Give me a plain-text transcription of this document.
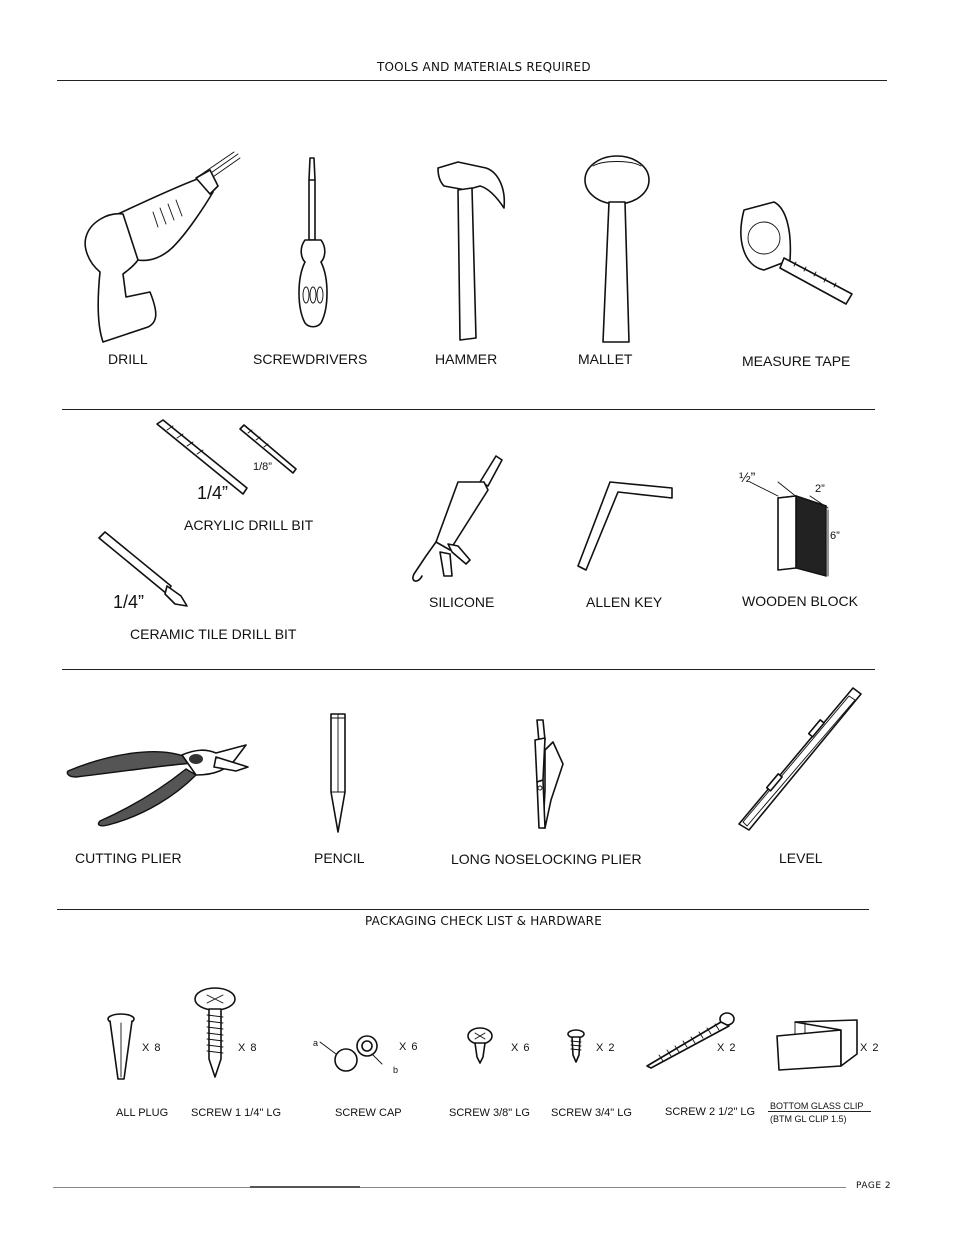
TOOLS AND MATERIALS REQUIRED
DRILL	SCREWDRIVERS	HAMMER	MALLET	MEASURE TAPE
1/8”
1/4”
ACRYLIC DRILL BIT
1/4”
CERAMIC TILE DRILL BIT
SILICONE	ALLEN KEY
½”
2”
6”
WOODEN BLOCK
CUTTING PLIER	PENCIL	LONG NOSELOCKING PLIER	LEVEL
PACKAGING CHECK LIST & HARDWARE
X 8
ALL PLUG
X 8
SCREW 1 1/4" LG
a
b
X 6
SCREW CAP
X 6
SCREW 3/8" LG
X 2
SCREW 3/4" LG
X 2
SCREW 2 1/2" LG
X 2
BOTTOM GLASS CLIP
(BTM GL CLIP 1.5)
PAGE 2
